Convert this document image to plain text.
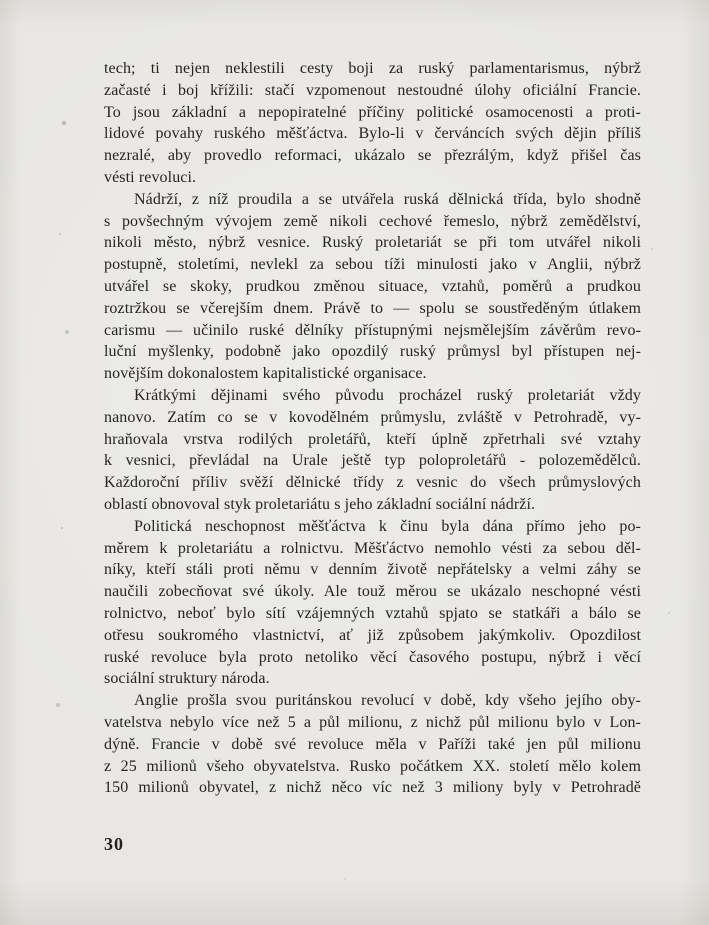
tech; ti nejen neklestili cesty boji za ruský parlamentarismus, nýbrž
začasté i boj křížili: stačí vzpomenout nestoudné úlohy oficiální Francie.
To jsou základní a nepopiratelné příčiny politické osamocenosti a proti-
lidové povahy ruského měšťáctva. Bylo-li v červáncích svých dějin příliš
nezralé, aby provedlo reformaci, ukázalo se přezrálým, když přišel čas
vésti revoluci.
Nádrží, z níž proudila a se utvářela ruská dělnická třída, bylo shodně
s povšechným vývojem země nikoli cechové řemeslo, nýbrž zemědělství,
nikoli město, nýbrž vesnice. Ruský proletariát se při tom utvářel nikoli
postupně, stoletími, nevlekl za sebou tíži minulosti jako v Anglii, nýbrž
utvářel se skoky, prudkou změnou situace, vztahů, poměrů a prudkou
roztržkou se včerejším dnem. Právě to — spolu se soustředěným útlakem
carismu — učinilo ruské dělníky přístupnými nejsmělejším závěrům revo-
luční myšlenky, podobně jako opozdilý ruský průmysl byl přístupen nej-
novějším dokonalostem kapitalistické organisace.
Krátkými dějinami svého původu procházel ruský proletariát vždy
nanovo. Zatím co se v kovodělném průmyslu, zvláště v Petrohradě, vy-
hraňovala vrstva rodilých proletářů, kteří úplně zpřetrhali své vztahy
k vesnici, převládal na Urale ještě typ poloproletářů - polozemědělců.
Každoroční příliv svěží dělnické třídy z vesnic do všech průmyslových
oblastí obnovoval styk proletariátu s jeho základní sociální nádrží.
Politická neschopnost měšťáctva k činu byla dána přímo jeho po-
měrem k proletariátu a rolnictvu. Měšťáctvo nemohlo vésti za sebou děl-
níky, kteří stáli proti němu v denním životě nepřátelsky a velmi záhy se
naučili zobecňovat své úkoly. Ale touž měrou se ukázalo neschopné vésti
rolnictvo, neboť bylo sítí vzájemných vztahů spjato se statkáři a bálo se
otřesu soukromého vlastnictví, ať již způsobem jakýmkoliv. Opozdilost
ruské revoluce byla proto netoliko věcí časového postupu, nýbrž i věcí
sociální struktury národa.
Anglie prošla svou puritánskou revolucí v době, kdy všeho jejího oby-
vatelstva nebylo více než 5 a půl milionu, z nichž půl milionu bylo v Lon-
dýně. Francie v době své revoluce měla v Paříži také jen půl milionu
z 25 milionů všeho obyvatelstva. Rusko počátkem XX. století mělo kolem
150 milionů obyvatel, z nichž něco víc než 3 miliony byly v Petrohradě
30
